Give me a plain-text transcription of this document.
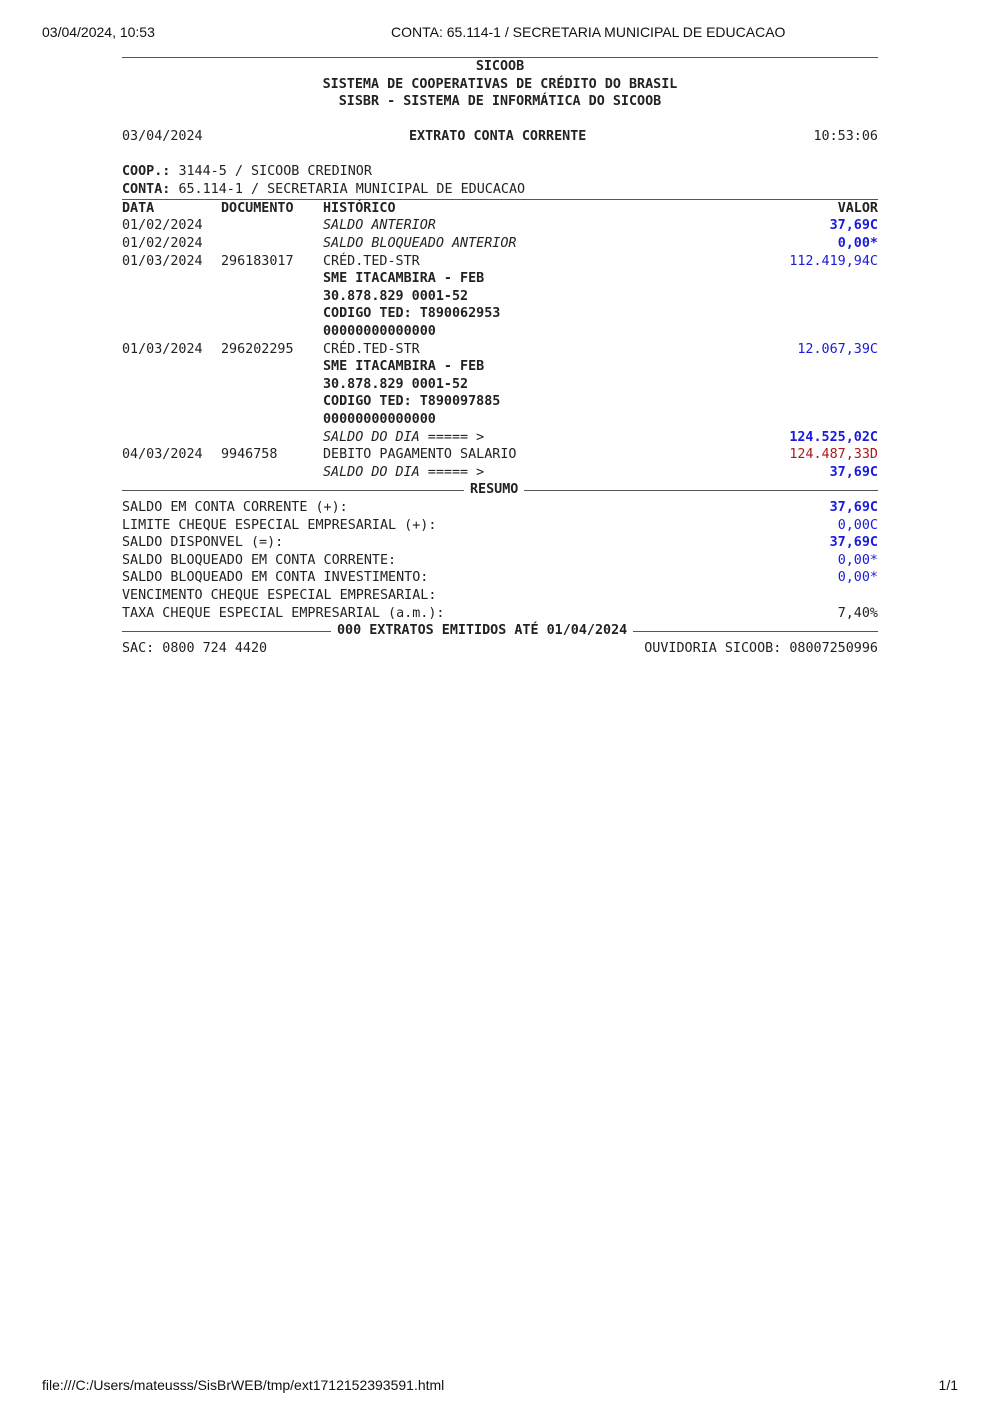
03/04/2024, 10:53	CONTA: 65.114-1 / SECRETARIA MUNICIPAL DE EDUCACAO
file:///C:/Users/mateusss/SisBrWEB/tmp/ext1712152393591.html	1/1
SICOOB
SISTEMA DE COOPERATIVAS DE CRÉDITO DO BRASIL
SISBR - SISTEMA DE INFORMÁTICA DO SICOOB
03/04/2024	EXTRATO CONTA CORRENTE	10:53:06
COOP.: 3144-5 / SICOOB CREDINOR
CONTA: 65.114-1 / SECRETARIA MUNICIPAL DE EDUCACAO
DATA	DOCUMENTO HISTÓRICO	VALOR
01/02/2024	SALDO ANTERIOR	37,69C
01/02/2024	SALDO BLOQUEADO ANTERIOR	0,00*
01/03/2024 296183017 CRÉD.TED-STR	112.419,94C
SME ITACAMBIRA - FEB
30.878.829 0001-52
CODIGO TED: T890062953
00000000000000
01/03/2024 296202295 CRÉD.TED-STR	12.067,39C
SME ITACAMBIRA - FEB
30.878.829 0001-52
CODIGO TED: T890097885
00000000000000
SALDO DO DIA ===== >	124.525,02C
04/03/2024 9946758	DEBITO PAGAMENTO SALARIO	124.487,33D
SALDO DO DIA ===== >	37,69C
RESUMO
SALDO EM CONTA CORRENTE (+):	37,69C
LIMITE CHEQUE ESPECIAL EMPRESARIAL (+):	0,00C
SALDO DISPONVEL (=):	37,69C
SALDO BLOQUEADO EM CONTA CORRENTE:	0,00*
SALDO BLOQUEADO EM CONTA INVESTIMENTO:	0,00*
VENCIMENTO CHEQUE ESPECIAL EMPRESARIAL:
TAXA CHEQUE ESPECIAL EMPRESARIAL (a.m.):	7,40%
000 EXTRATOS EMITIDOS ATÉ 01/04/2024
SAC: 0800 724 4420	OUVIDORIA SICOOB: 08007250996
